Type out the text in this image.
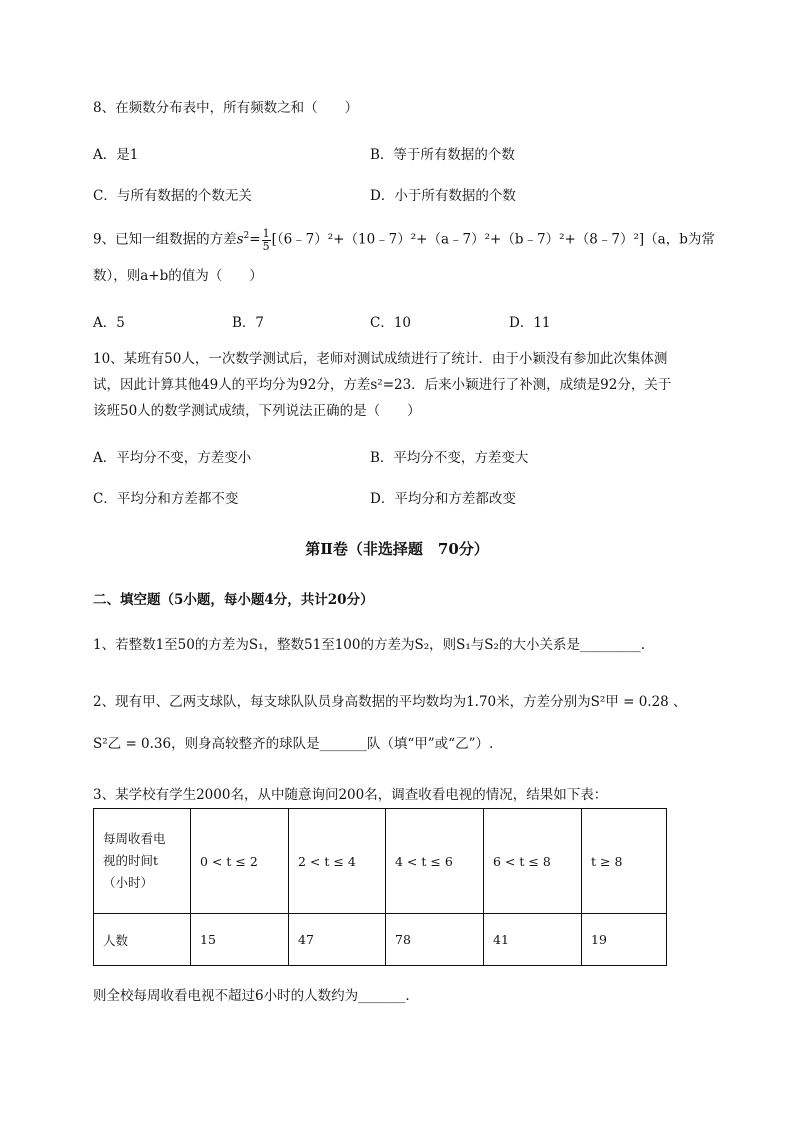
8、在频数分布表中，所有频数之和（　　）
A．是1	B．等于所有数据的个数
C．与所有数据的个数无关	D．小于所有数据的个数
9、已知一组数据的方差$s^2= \frac{1}{5}$ [（6﹣7）²+（10﹣7）²+（a﹣7）²+（b﹣7）²+（8﹣7）²]（a，b为常
数），则a+b的值为（　　）
A．5	B．7	C．10	D．11
10、某班有50人，一次数学测试后，老师对测试成绩进行了统计．由于小颖没有参加此次集体测
试，因此计算其他49人的平均分为92分，方差s²=23．后来小颖进行了补测，成绩是92分，关于
该班50人的数学测试成绩，下列说法正确的是（　　）
A．平均分不变，方差变小	B．平均分不变，方差变大
C．平均分和方差都不变	D．平均分和方差都改变
第Ⅱ卷（非选择题　70分）
二、填空题（5小题，每小题4分，共计20分）
1、若整数1至50的方差为S₁，整数51至100的方差为S₂，则S₁与S₂的大小关系是_________.
2、现有甲、乙两支球队，每支球队队员身高数据的平均数均为1.70米，方差分别为S²甲 = 0.28 、
S²乙 = 0.36，则身高较整齐的球队是_______队（填“甲”或“乙”）.
3、某学校有学生2000名，从中随意询问200名，调查收看电视的情况，结果如下表：
每周收看电
视的时间t
（小时）	0 < t ≤ 2	2 < t ≤ 4	4 < t ≤ 6	6 < t ≤ 8	t ≥ 8
人数	15	47	78	41	19
则全校每周收看电视不超过6小时的人数约为_______.
